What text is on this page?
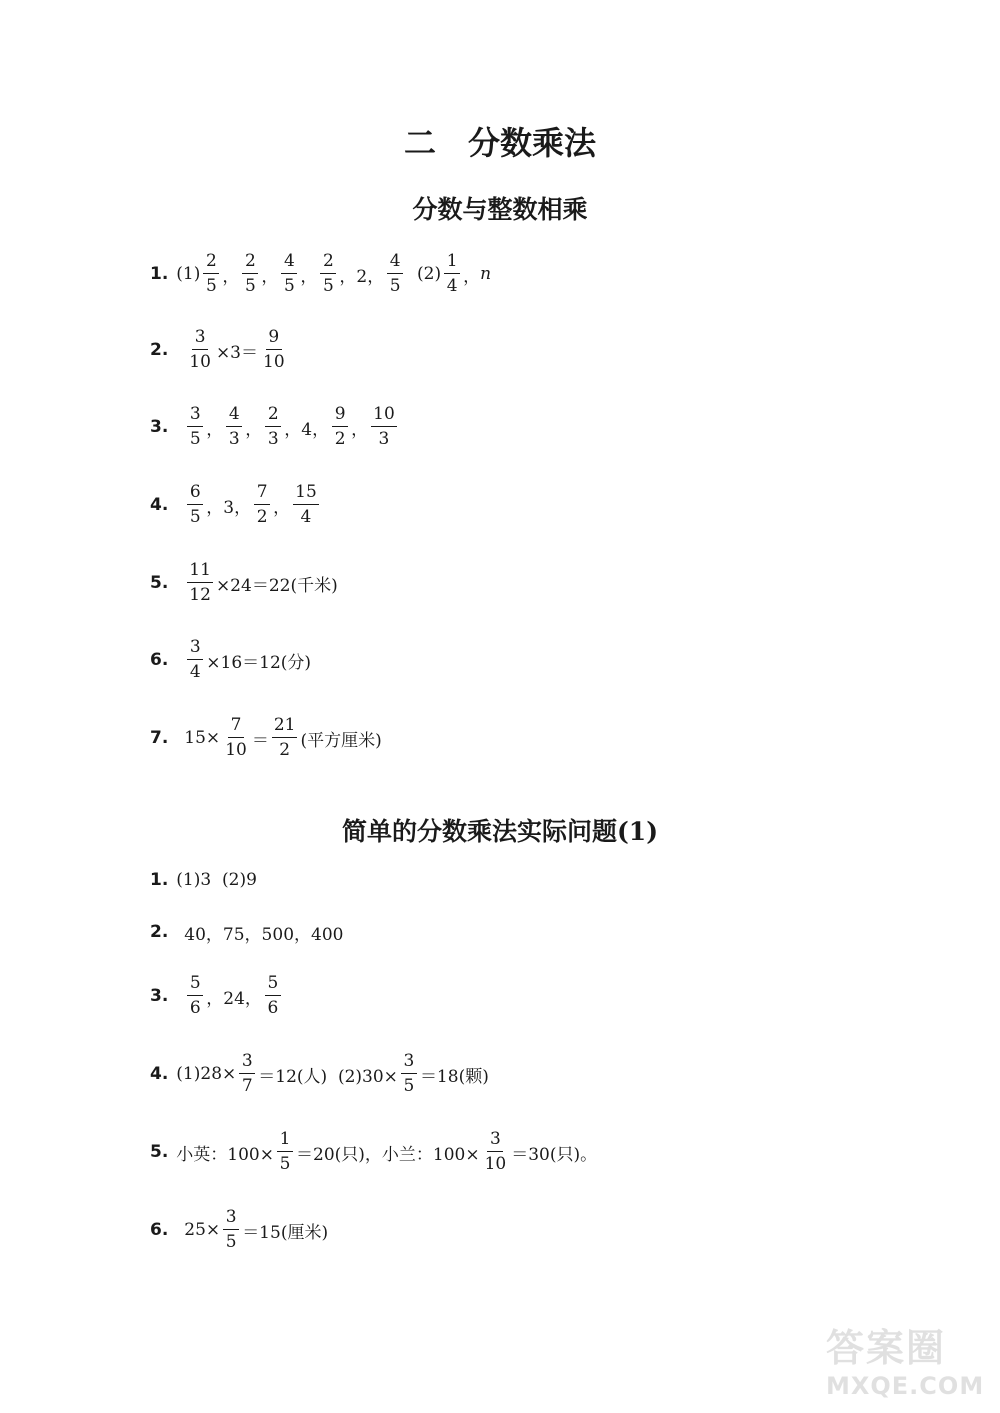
二　分数乘法
分数与整数相乘
1. $(1) \frac{2}{5}$ ， $\frac{2}{5}$ ， $\frac{4}{5}$ ， $\frac{2}{5}$ ，2， $\frac{4}{5} (2) \frac{1}{4}$ ， n
2. $\frac{3}{10} \times 3= \frac{9}{10}$
3. $\frac{3}{5}$ ， $\frac{4}{3}$ ， $\frac{2}{3}$ ，4， $\frac{9}{2}$ ， $\frac{10}{3}$
4. $\frac{6}{5}$ ，3， $\frac{7}{2}$ ， $\frac{15}{4}$
5. $\frac{11}{12} \times 24=22$(千米)
6. $\frac{3}{4} \times 16=12$(分)
7. $15\times \frac{7}{10} = \frac{21}{2}$ (平方厘米)
简单的分数乘法实际问题(1)
1. (1)3  (2)9
2. 40，75，500，400
3. $\frac{5}{6}$ ，24， $\frac{5}{6}$
4. $(1)28\times \frac{3}{7} =12$(人)  $(2)30\times \frac{3}{5} =18$(颗)
5. 小英：$100\times \frac{1}{5} =20$(只)，小兰：$100\times \frac{3}{10} =30$(只)。
6. $25\times \frac{3}{5} =15$(厘米)
答案圈
MXQE.COM
